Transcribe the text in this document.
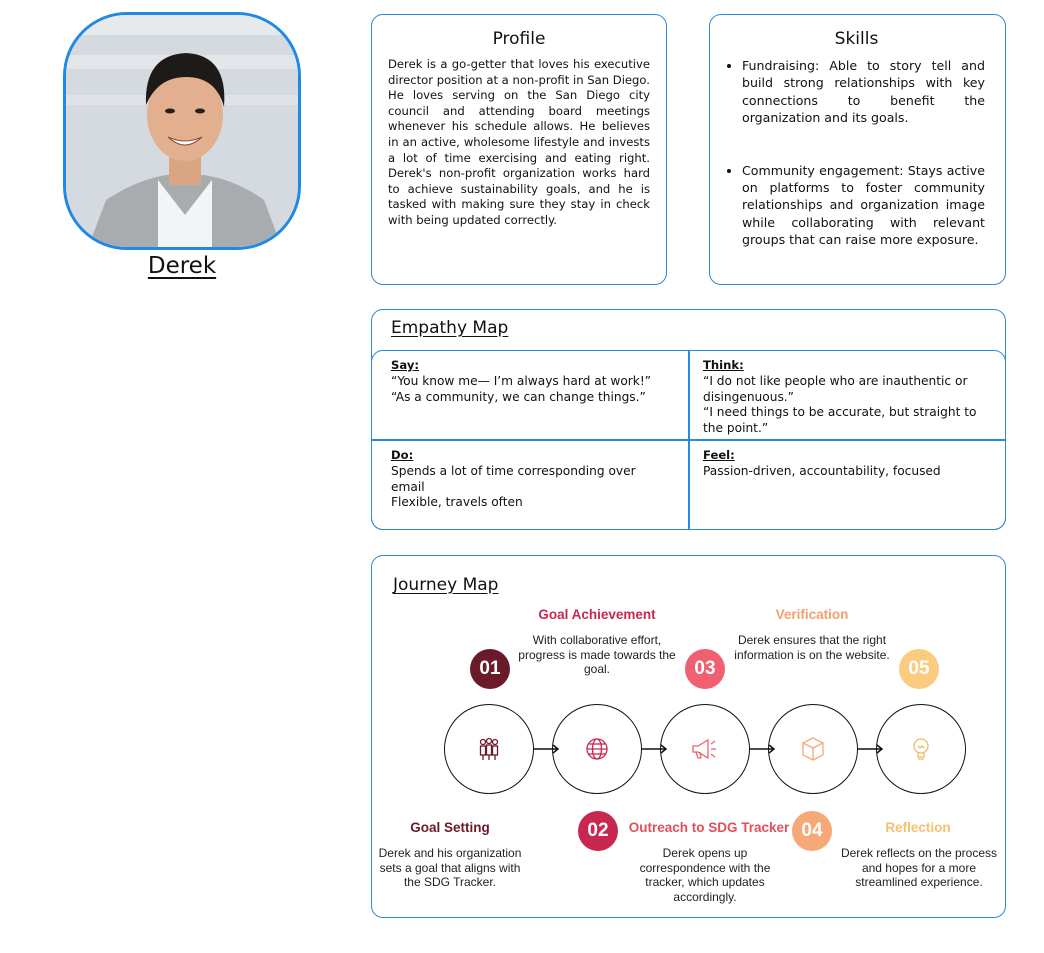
Derek
Profile

Derek is a go-getter that loves his executive director position at a non-profit in San Diego. He loves serving on the San Diego city council and attending board meetings whenever his schedule allows. He believes in an active, wholesome lifestyle and invests a lot of time exercising and eating right. Derek's non-profit organization works hard to achieve sustainability goals, and he is tasked with making sure they stay in check with being updated correctly.

Skills
• Fundraising: Able to story tell and build strong relationships with key connections to benefit the organization and its goals.
• Community engagement: Stays active on platforms to foster community relationships and organization image while collaborating with relevant groups that can raise more exposure.
Empathy Map
Say:
“You know me— I’m always hard at work!”
“As a community, we can change things.”
Think:
“I do not like people who are inauthentic or disingenuous.”
“I need things to be accurate, but straight to the point.”
Do:
Spends a lot of time corresponding over email
Flexible, travels often
Feel:
Passion-driven, accountability, focused
Journey Map
Goal Achievement
With collaborative effort, progress is made towards the goal.
Verification
Derek ensures that the right information is on the website.
01	03	05
02	04
Goal Setting
Derek and his organization sets a goal that aligns with the SDG Tracker.
Outreach to SDG Tracker
Derek opens up correspondence with the tracker, which updates accordingly.
Reflection
Derek reflects on the process and hopes for a more streamlined experience.
